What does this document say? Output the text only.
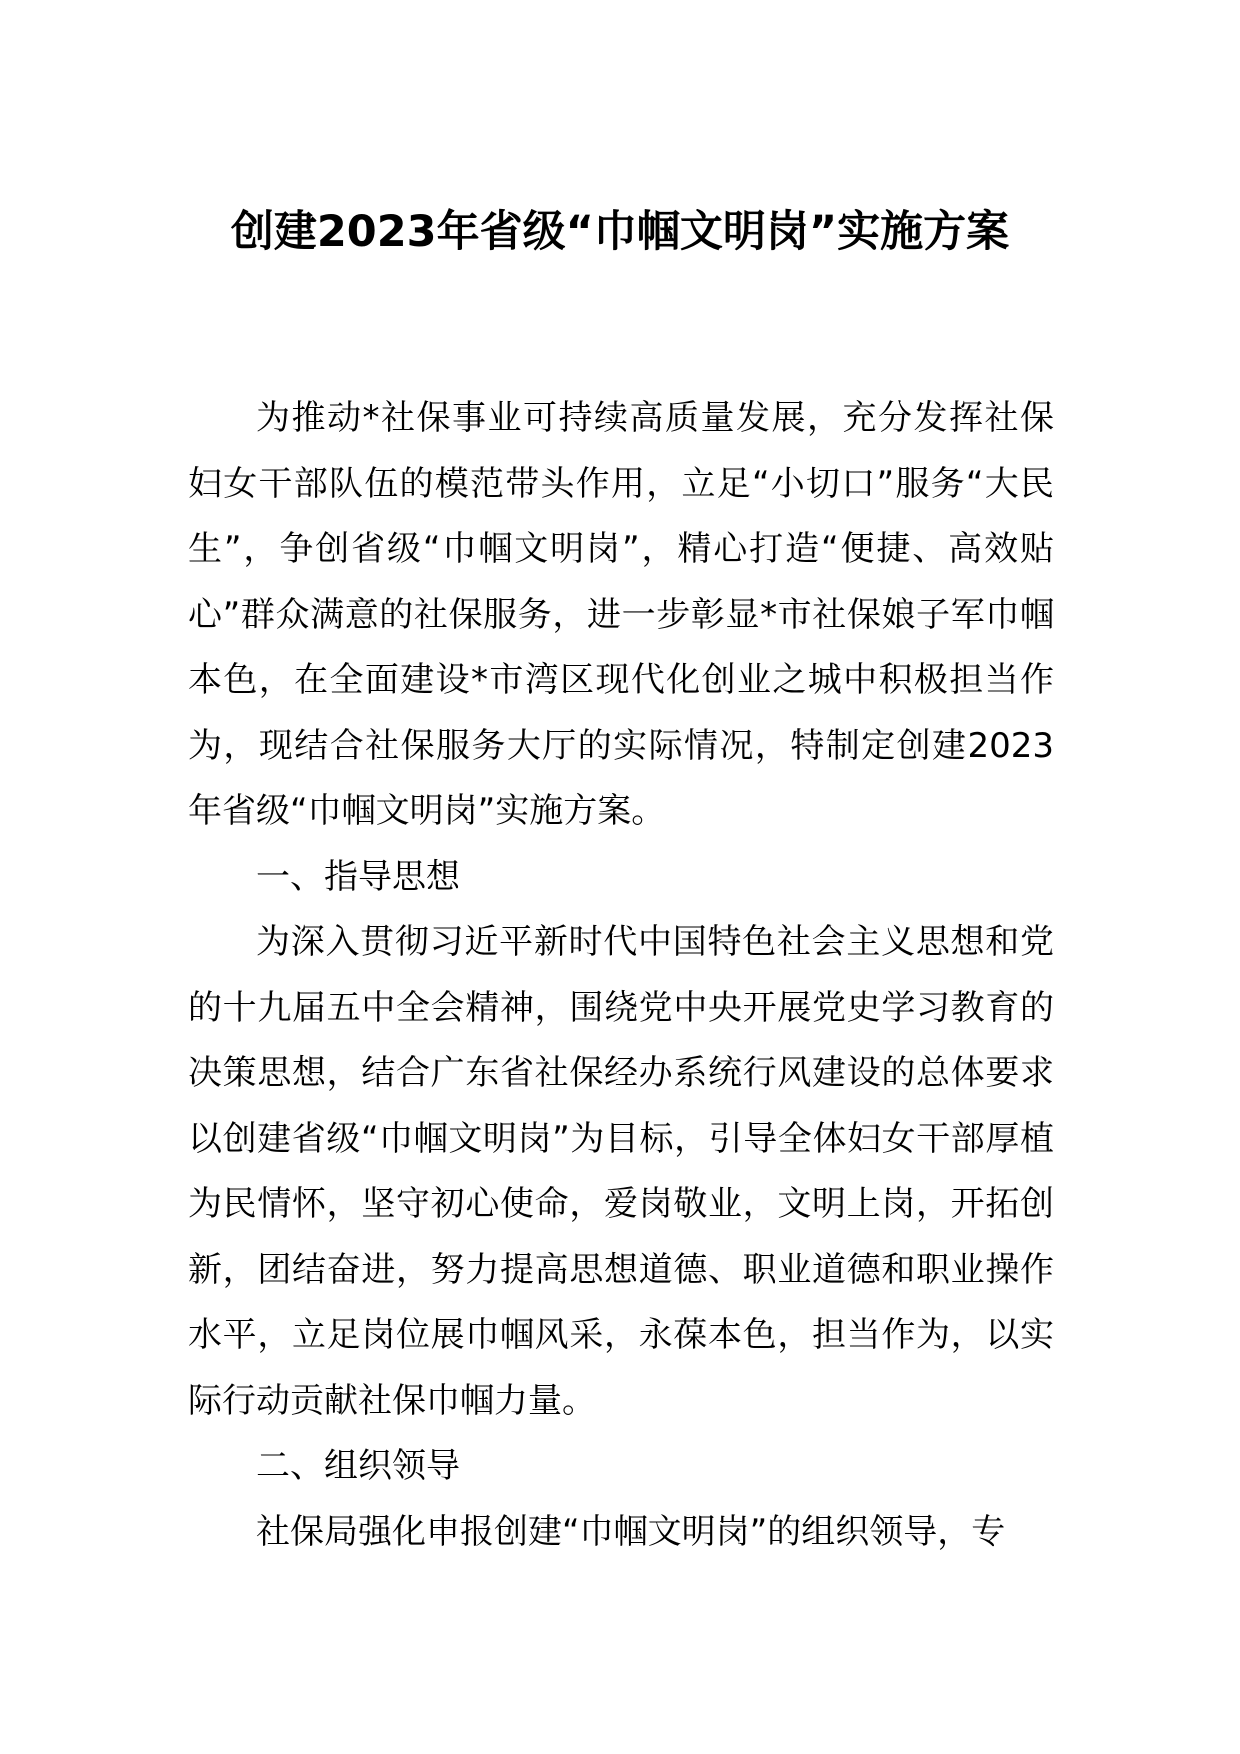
创建2023年省级“巾帼文明岗”实施方案

为推动*社保事业可持续高质量发展，充分发挥社保妇女干部队伍的模范带头作用，立足“小切口”服务“大民生”，争创省级“巾帼文明岗”，精心打造“便捷、高效贴心”群众满意的社保服务，进一步彰显*市社保娘子军巾帼本色，在全面建设*市湾区现代化创业之城中积极担当作为，现结合社保服务大厅的实际情况，特制定创建2023年省级“巾帼文明岗”实施方案。

一、指导思想

为深入贯彻习近平新时代中国特色社会主义思想和党的十九届五中全会精神，围绕党中央开展党史学习教育的决策思想，结合广东省社保经办系统行风建设的总体要求以创建省级“巾帼文明岗”为目标，引导全体妇女干部厚植为民情怀，坚守初心使命，爱岗敬业，文明上岗，开拓创新，团结奋进，努力提高思想道德、职业道德和职业操作水平，立足岗位展巾帼风采，永葆本色，担当作为，以实际行动贡献社保巾帼力量。

二、组织领导

社保局强化申报创建“巾帼文明岗”的组织领导，专
